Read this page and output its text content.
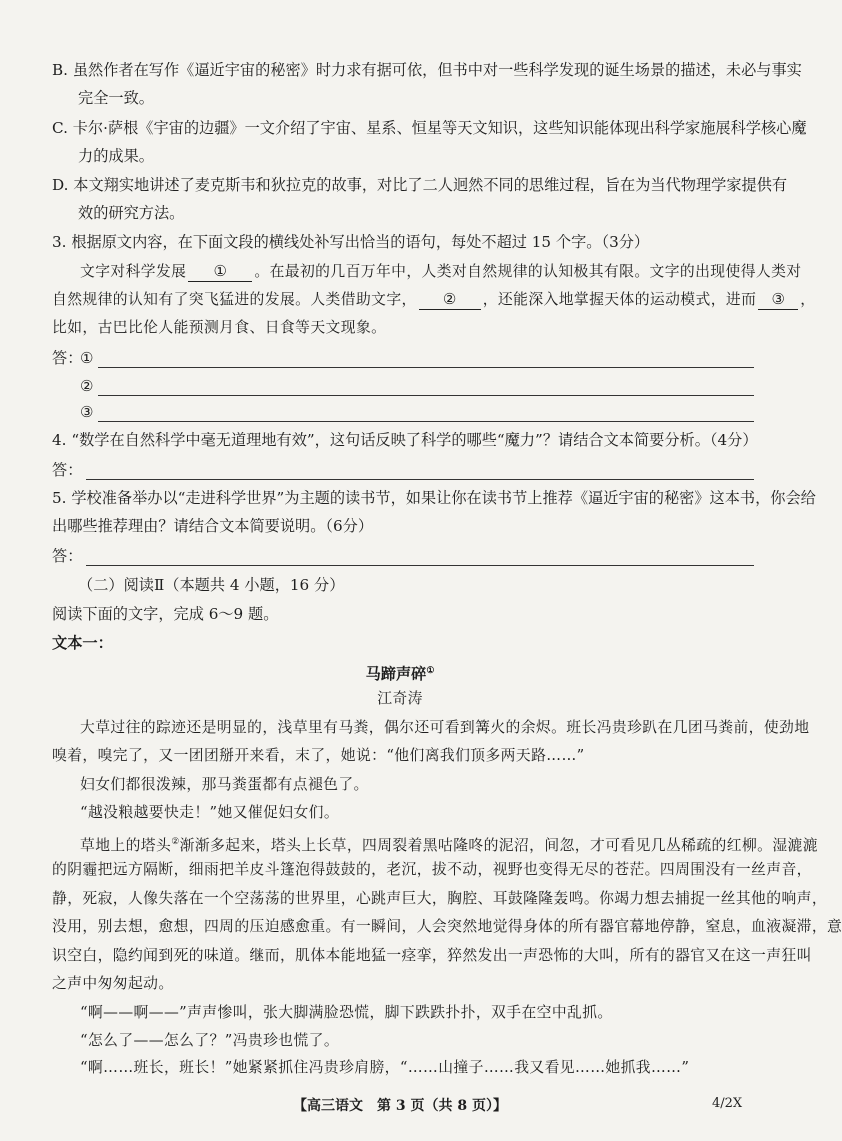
B. 虽然作者在写作《逼近宇宙的秘密》时力求有据可依，但书中对一些科学发现的诞生场景的描述，未必与事实
完全一致。
C. 卡尔·萨根《宇宙的边疆》一文介绍了宇宙、星系、恒星等天文知识，这些知识能体现出科学家施展科学核心魔
力的成果。
D. 本文翔实地讲述了麦克斯韦和狄拉克的故事，对比了二人迥然不同的思维过程，旨在为当代物理学家提供有
效的研究方法。
3. 根据原文内容，在下面文段的横线处补写出恰当的语句，每处不超过 15 个字。（3分）
文字对科学发展 ① 。在最初的几百万年中，人类对自然规律的认知极其有限。文字的出现使得人类对
自然规律的认知有了突飞猛进的发展。人类借助文字， ② ，还能深入地掌握天体的运动模式，进而 ③ ，
比如，古巴比伦人能预测月食、日食等天文现象。
答：
①
②
③
4. “数学在自然科学中毫无道理地有效”，这句话反映了科学的哪些“魔力”？请结合文本简要分析。（4分）
答：
5. 学校准备举办以“走进科学世界”为主题的读书节，如果让你在读书节上推荐《逼近宇宙的秘密》这本书，你会给
出哪些推荐理由？请结合文本简要说明。（6分）
答：
（二）阅读Ⅱ（本题共 4 小题，16 分）
阅读下面的文字，完成 6～9 题。
文本一：
马蹄声碎①
江奇涛
大草过往的踪迹还是明显的，浅草里有马粪，偶尔还可看到篝火的余烬。班长冯贵珍趴在几团马粪前，使劲地
嗅着，嗅完了，又一团团掰开来看，末了，她说：“他们离我们顶多两天路……”
妇女们都很泼辣，那马粪蛋都有点褪色了。
“越没粮越要快走！”她又催促妇女们。
草地上的塔头②渐渐多起来，塔头上长草，四周裂着黑咕隆咚的泥沼，间忽，才可看见几丛稀疏的红柳。湿漉漉
的阴霾把远方隔断，细雨把羊皮斗篷泡得鼓鼓的，老沉，拔不动，视野也变得无尽的苍茫。四周围没有一丝声音，
静，死寂，人像失落在一个空荡荡的世界里，心跳声巨大，胸腔、耳鼓隆隆轰鸣。你竭力想去捕捉一丝其他的响声，
没用，别去想，愈想，四周的压迫感愈重。有一瞬间，人会突然地觉得身体的所有器官幕地停静，窒息，血液凝滞，意
识空白，隐约闻到死的味道。继而，肌体本能地猛一痉挛，猝然发出一声恐怖的大叫，所有的器官又在这一声狂叫
之声中匆匆起动。
“啊——啊——”声声惨叫，张大脚满脸恐慌，脚下跌跌扑扑，双手在空中乱抓。
“怎么了——怎么了？”冯贵珍也慌了。
“啊……班长，班长！”她紧紧抓住冯贵珍肩膀，“……山撞子……我又看见……她抓我……”
【高三语文　第 3 页（共 8 页）】	4/2X
